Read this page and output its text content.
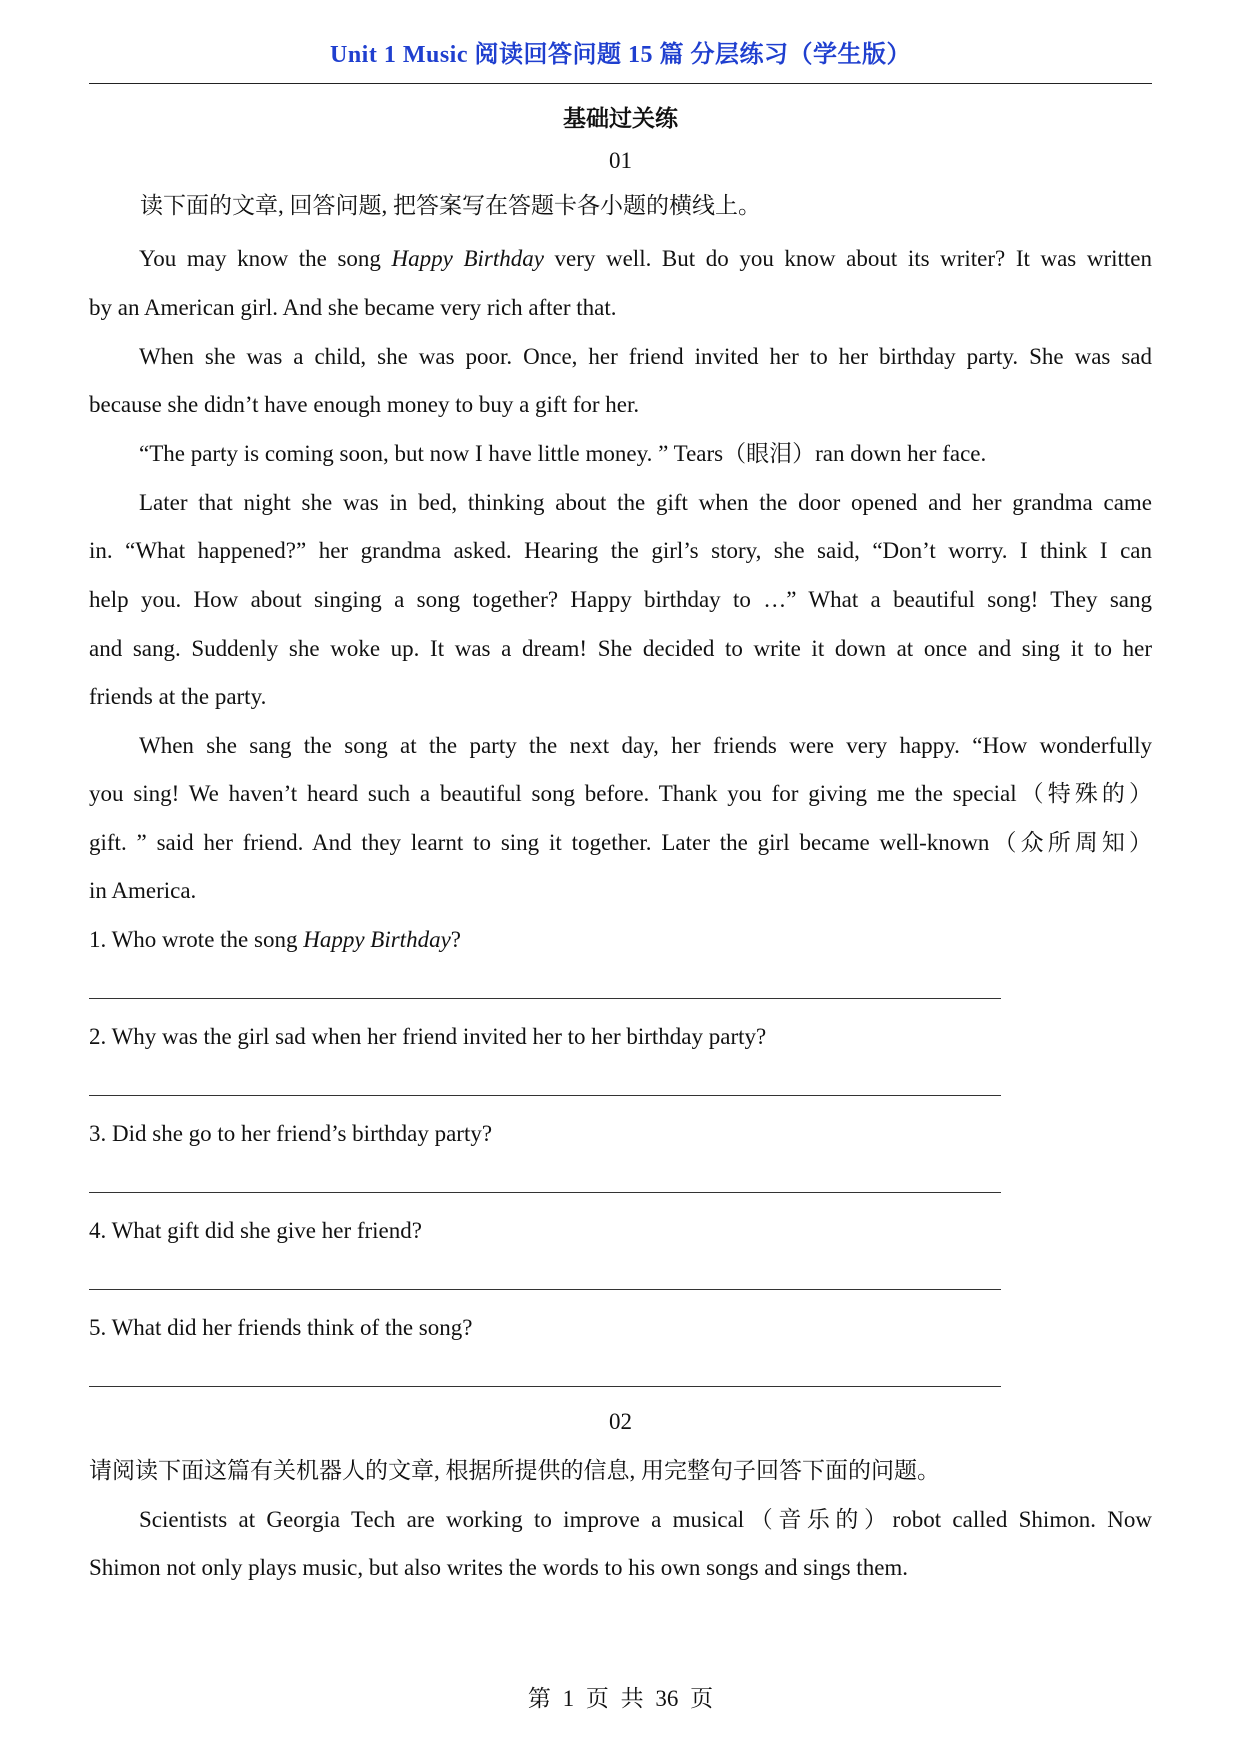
Unit 1 Music 阅读回答问题 15 篇 分层练习（学生版）
基础过关练
01
读下面的文章, 回答问题, 把答案写在答题卡各小题的横线上。
You may know the song Happy Birthday very well. But do you know about its writer? It was written
by an American girl. And she became very rich after that.
When she was a child, she was poor. Once, her friend invited her to her birthday party. She was sad
because she didn’t have enough money to buy a gift for her.
“The party is coming soon, but now I have little money. ” Tears（眼泪）ran down her face.
Later that night she was in bed, thinking about the gift when the door opened and her grandma came
in. “What happened?” her grandma asked. Hearing the girl’s story, she said, “Don’t worry. I think I can
help you. How about singing a song together? Happy birthday to …” What a beautiful song! They sang
and sang. Suddenly she woke up. It was a dream! She decided to write it down at once and sing it to her
friends at the party.
When she sang the song at the party the next day, her friends were very happy. “How wonderfully
you sing! We haven’t heard such a beautiful song before. Thank you for giving me the special（特殊的）
gift. ” said her friend. And they learnt to sing it together. Later the girl became well-known（众所周知）
in America.
1. Who wrote the song Happy Birthday?
2. Why was the girl sad when her friend invited her to her birthday party?
3. Did she go to her friend’s birthday party?
4. What gift did she give her friend?
5. What did her friends think of the song?
02
请阅读下面这篇有关机器人的文章, 根据所提供的信息, 用完整句子回答下面的问题。
Scientists at Georgia Tech are working to improve a musical（音乐的）robot called Shimon. Now
Shimon not only plays music, but also writes the words to his own songs and sings them.
第 1 页 共 36 页
